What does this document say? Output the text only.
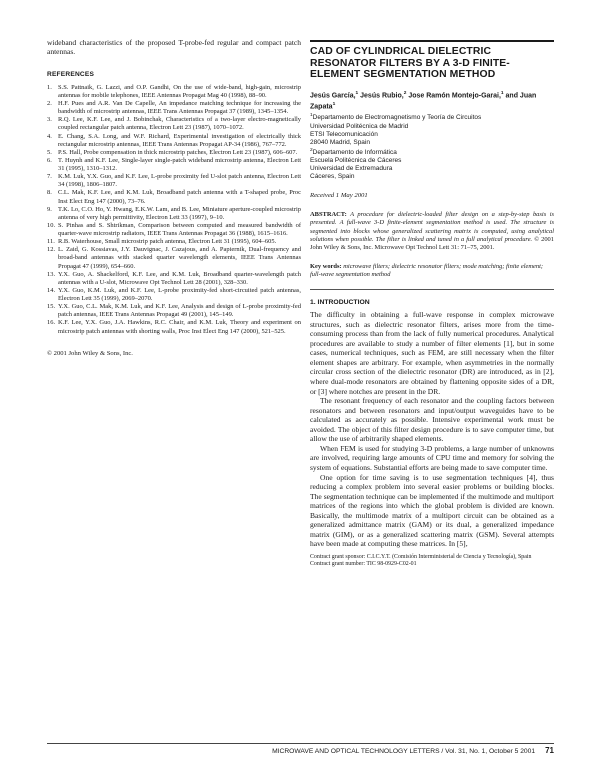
wideband characteristics of the proposed T-probe-fed regular and compact patch antennas.

REFERENCES
1. S.S. Pattnaik, G. Lazzi, and O.P. Gandhi, On the use of wide-band, high-gain, microstrip antennas for mobile telephones, IEEE Antennas Propagat Mag 40 (1998), 88–90.
2. H.F. Pues and A.R. Van De Capelle, An impedance matching technique for increasing the bandwidth of microstrip antennas, IEEE Trans Antennas Propagat 37 (1989), 1345–1354.
3. R.Q. Lee, K.F. Lee, and J. Bobinchak, Characteristics of a two-layer electro-magnetically coupled rectangular patch antenna, Electron Lett 23 (1987), 1070–1072.
4. E. Chang, S.A. Long, and W.F. Richard, Experimental investigation of electrically thick rectangular microstrip antennas, IEEE Trans Antennas Propagat AP-34 (1986), 767–772.
5. P.S. Hall, Probe compensation in thick microstrip patches, Electron Lett 23 (1987), 606–607.
6. T. Huynh and K.F. Lee, Single-layer single-patch wideband microstrip antenna, Electron Lett 31 (1995), 1310–1312.
7. K.M. Luk, Y.X. Guo, and K.F. Lee, L-probe proximity fed U-slot patch antenna, Electron Lett 34 (1998), 1806–1807.
8. C.L. Mak, K.F. Lee, and K.M. Luk, Broadband patch antenna with a T-shaped probe, Proc Inst Elect Eng 147 (2000), 73–76.
9. T.K. Lo, C.O. Ho, Y. Hwang, E.K.W. Lam, and B. Lee, Miniature aperture-coupled microstrip antenna of very high permittivity, Electron Lett 33 (1997), 9–10.
10. S. Pinhas and S. Shtrikman, Comparison between computed and measured bandwidth of quarter-wave microstrip radiators, IEEE Trans Antennas Propagat 36 (1988), 1615–1616.
11. R.B. Waterhouse, Small microstrip patch antenna, Electron Lett 31 (1995), 604–605.
12. L. Zaid, G. Kossiavas, J.Y. Dauvignac, J. Cazajous, and A. Papiernik, Dual-frequency and broad-band antennas with stacked quarter wavelength elements, IEEE Trans Antennas Propagat 47 (1999), 654–660.
13. Y.X. Guo, A. Shackelford, K.F. Lee, and K.M. Luk, Broadband quarter-wavelength patch antennas with a U-slot, Microwave Opt Technol Lett 28 (2001), 328–330.
14. Y.X. Guo, K.M. Luk, and K.F. Lee, L-probe proximity-fed short-circuited patch antennas, Electron Lett 35 (1999), 2069–2070.
15. Y.X. Guo, C.L. Mak, K.M. Luk, and K.F. Lee, Analysis and design of L-probe proximity-fed patch antennas, IEEE Trans Antennas Propagat 49 (2001), 145–149.
16. K.F. Lee, Y.X. Guo, J.A. Hawkins, R.C. Chair, and K.M. Luk, Theory and experiment on microstrip patch antennas with shorting walls, Proc Inst Elect Eng 147 (2000), 521–525.
© 2001 John Wiley & Sons, Inc.
CAD OF CYLINDRICAL DIELECTRIC RESONATOR FILTERS BY A 3-D FINITE-ELEMENT SEGMENTATION METHOD
Jesús García,$^1$ Jesús Rubio,$^2$ Jose Ramón Montejo-Garai,$^1$ and Juan Zapata$^1$
$^1$Departamento de Electromagnetismo y Teoría de Circuitos
Universidad Politécnica de Madrid
ETSI Telecomunicación
28040 Madrid, Spain
$^2$Departamento de Informática
Escuela Politécnica de Cáceres
Universidad de Extremadura
Cáceres, Spain
Received 1 May 2001

ABSTRACT: A procedure for dielectric-loaded filter design on a step-by-step basis is presented. A full-wave 3-D finite-element segmentation method is used. The structure is segmented into blocks whose generalized scattering matrix is computed, using analytical solutions when possible. The filter is linked and tuned in a full analytical procedure. © 2001 John Wiley & Sons, Inc. Microwave Opt Technol Lett 31: 71–75, 2001.

Key words: microwave filters; dielectric resonator filters; mode matching; finite element; full-wave segmentation method

1. INTRODUCTION

The difficulty in obtaining a full-wave response in complex microwave structures, such as dielectric resonator filters, arises more from the time-consuming process than from the lack of fully numerical procedures. Analytical procedures are available to study a number of filter elements [1], but in some cases, numerical techniques, such as FEM, are still necessary when the filter element shapes are arbitrary. For example, when asymmetries in the normally circular cross section of the dielectric resonator (DR) are introduced, as in [2], where dual-mode resonators are obtained by flattening opposite sides of a DR, or [3] where notches are present in the DR.

The resonant frequency of each resonator and the coupling factors between resonators and between resonators and input/output waveguides have to be calculated as accurately as possible. Intensive experimental work must be avoided. The object of this filter design procedure is to save computer time, but allow the use of arbitrarily shaped elements.

When FEM is used for studying 3-D problems, a large number of unknowns are involved, requiring large amounts of CPU time and memory for solving the system of equations. Substantial efforts are being made to save computer time.

One option for time saving is to use segmentation techniques [4], thus reducing a complex problem into several easier problems or building blocks. The segmentation technique can be implemented if the multimode and multiport matrices of the regions into which the global problem is divided are known. Basically, the multimode matrix of a multiport circuit can be obtained as a generalized admittance matrix (GAM) or its dual, a generalized impedance matrix (GIM), or as a generalized scattering matrix (GSM). Several attempts have been made at computing these matrices. In [5],

Contract grant sponsor: C.I.C.Y.T. (Comisión Interministerial de Ciencia y Tecnología), Spain
Contract grant number: TIC 98-0929-C02-01
MICROWAVE AND OPTICAL TECHNOLOGY LETTERS / Vol. 31, No. 1, October 5 2001 71
